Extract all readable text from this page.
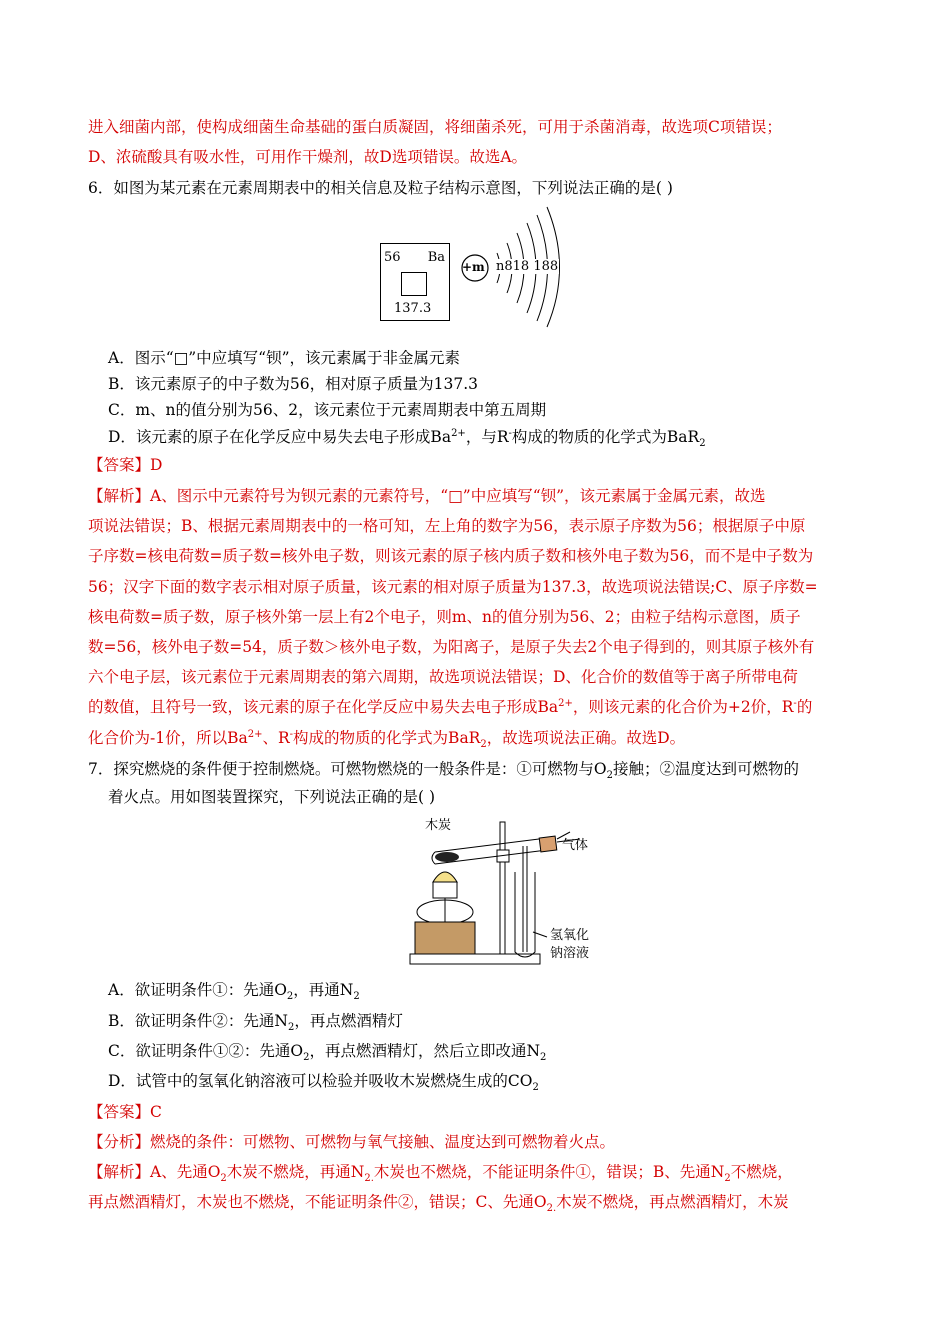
进入细菌内部，使构成细菌生命基础的蛋白质凝固，将细菌杀死，可用于杀菌消毒，故选项C项错误；
D、浓硫酸具有吸水性，可用作干燥剂，故D选项错误。故选A。
6．如图为某元素在元素周期表中的相关信息及粒子结构示意图，下列说法正确的是( )
56 Ba
137.3
+m n818 188
A．图示“□”中应填写“钡”，该元素属于非金属元素
B．该元素原子的中子数为56，相对原子质量为137.3
C．m、n的值分别为56、2，该元素位于元素周期表中第五周期
D．该元素的原子在化学反应中易失去电子形成$Ba^{2+}$，与R-构成的物质的化学式为BaR$_2$
【答案】D
【解析】A、图示中元素符号为钡元素的元素符号，“□”中应填写“钡”，该元素属于金属元素，故选
项说法错误；B、根据元素周期表中的一格可知，左上角的数字为56，表示原子序数为56；根据原子中原
子序数=核电荷数=质子数=核外电子数，则该元素的原子核内质子数和核外电子数为56，而不是中子数为
56；汉字下面的数字表示相对原子质量，该元素的相对原子质量为137.3，故选项说法错误;C、原子序数=
核电荷数=质子数，原子核外第一层上有2个电子，则m、n的值分别为56、2；由粒子结构示意图，质子
数=56，核外电子数=54，质子数＞核外电子数，为阳离子，是原子失去2个电子得到的，则其原子核外有
六个电子层，该元素位于元素周期表的第六周期，故选项说法错误；D、化合价的数值等于离子所带电荷
的数值，且符号一致，该元素的原子在化学反应中易失去电子形成$Ba^{2+}$，则该元素的化合价为+2价，R-的
化合价为-1价，所以$Ba^{2+}$、R-构成的物质的化学式为BaR$_2$，故选项说法正确。故选D。
7．探究燃烧的条件便于控制燃烧。可燃物燃烧的一般条件是：①可燃物与$O_2$接触；②温度达到可燃物的
着火点。用如图装置探究，下列说法正确的是( )
木炭
气体
氢氧化
钠溶液
A．欲证明条件①：先通$O_2$，再通$N_2$
B．欲证明条件②：先通$N_2$，再点燃酒精灯
C．欲证明条件①②：先通$O_2$，再点燃酒精灯，然后立即改通$N_2$
D．试管中的氢氧化钠溶液可以检验并吸收木炭燃烧生成的$CO_2$
【答案】C
【分析】燃烧的条件：可燃物、可燃物与氧气接触、温度达到可燃物着火点。
【解析】A、先通$O_2$木炭不燃烧，再通$N_{2.}$木炭也不燃烧，不能证明条件①，错误；B、先通$N_2$不燃烧，
再点燃酒精灯，木炭也不燃烧，不能证明条件②，错误；C、先通$O_{2.}$木炭不燃烧，再点燃酒精灯，木炭
